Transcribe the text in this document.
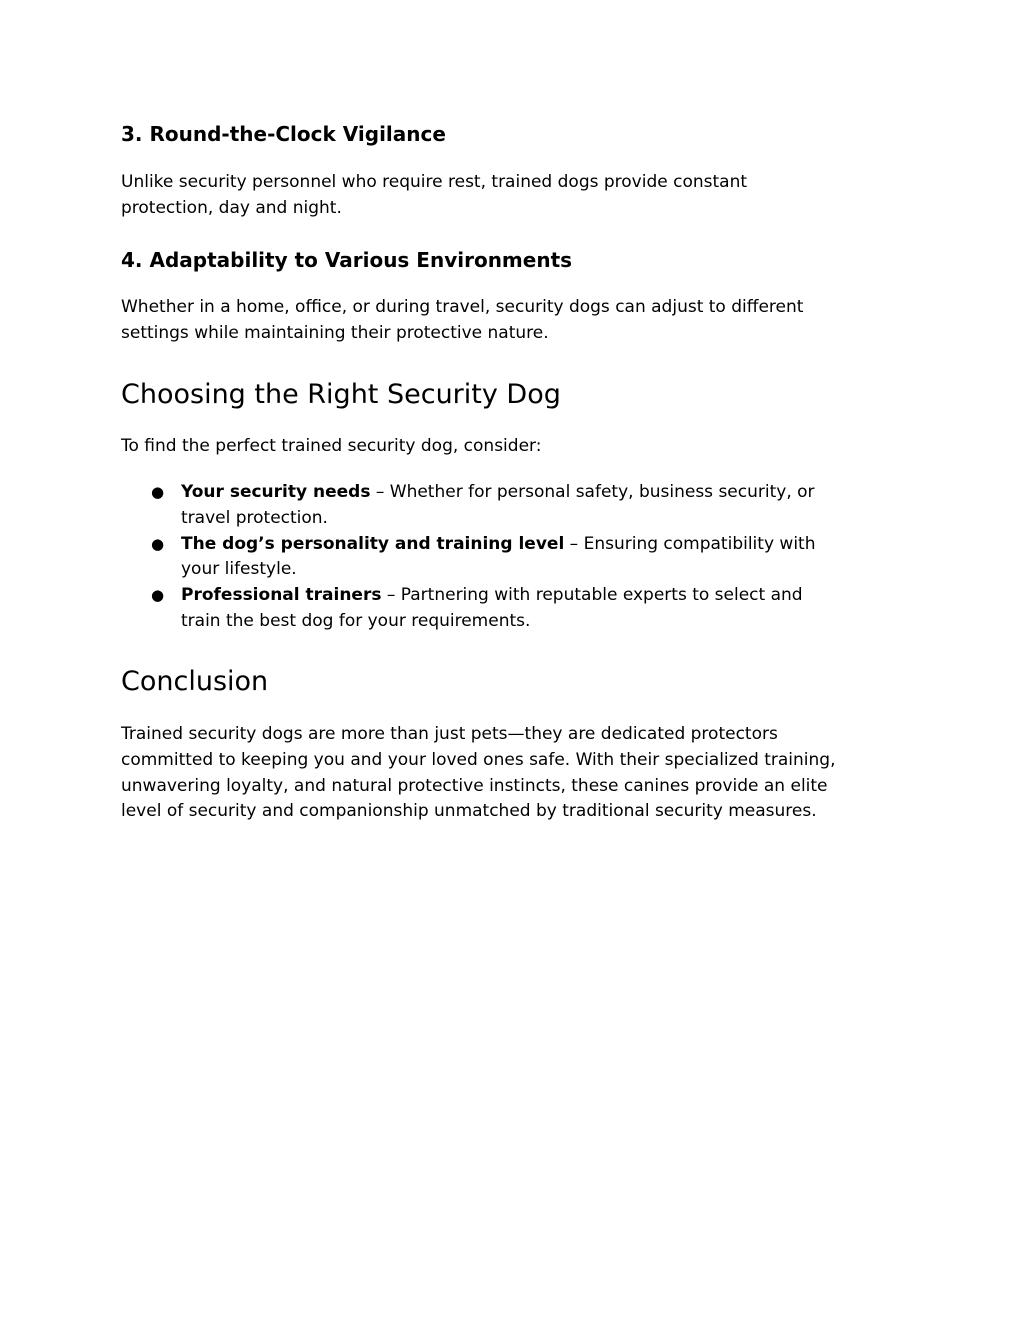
3. Round-the-Clock Vigilance

Unlike security personnel who require rest, trained dogs provide constant
protection, day and night.

4. Adaptability to Various Environments

Whether in a home, office, or during travel, security dogs can adjust to different
settings while maintaining their protective nature.

Choosing the Right Security Dog

To find the perfect trained security dog, consider:

● Your security needs – Whether for personal safety, business security, or
travel protection.
● The dog’s personality and training level – Ensuring compatibility with
your lifestyle.
● Professional trainers – Partnering with reputable experts to select and
train the best dog for your requirements.
Conclusion

Trained security dogs are more than just pets—they are dedicated protectors
committed to keeping you and your loved ones safe. With their specialized training,
unwavering loyalty, and natural protective instincts, these canines provide an elite
level of security and companionship unmatched by traditional security measures.
